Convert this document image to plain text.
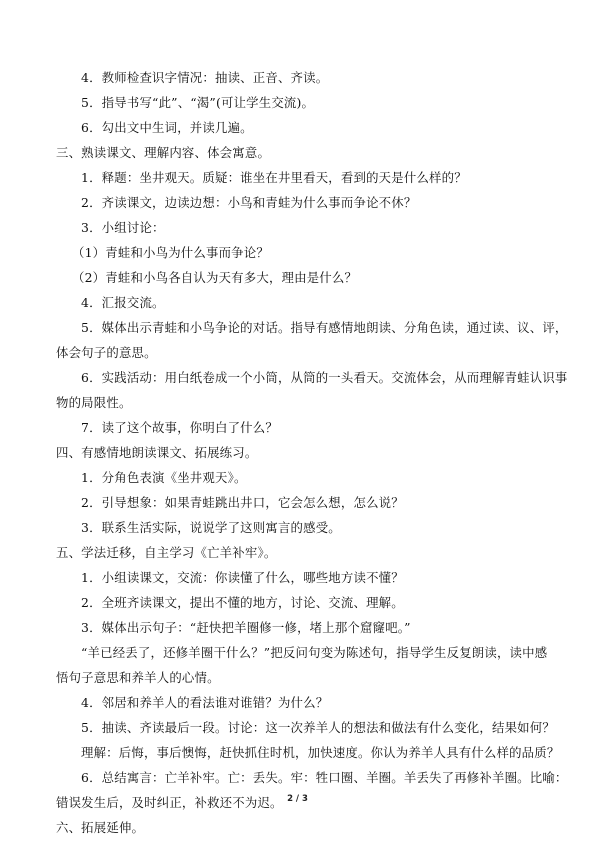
4．教师检查识字情况：抽读、正音、齐读。
5．指导书写“此”、“渴”(可让学生交流)。
6．勾出文中生词，并读几遍。
三、熟读课文、理解内容、体会寓意。
1．释题：坐井观天。质疑：谁坐在井里看天，看到的天是什么样的？
2．齐读课文，边读边想：小鸟和青蛙为什么事而争论不休？
3．小组讨论：
（1）青蛙和小鸟为什么事而争论？
（2）青蛙和小鸟各自认为天有多大，理由是什么？
4．汇报交流。
5．媒体出示青蛙和小鸟争论的对话。指导有感情地朗读、分角色读，通过读、议、评，
体会句子的意思。
6．实践活动：用白纸卷成一个小筒，从筒的一头看天。交流体会，从而理解青蛙认识事
物的局限性。
7．读了这个故事，你明白了什么？
四、有感情地朗读课文、拓展练习。
1．分角色表演《坐井观天》。
2．引导想象：如果青蛙跳出井口，它会怎么想，怎么说？
3．联系生活实际，说说学了这则寓言的感受。
五、学法迁移，自主学习《亡羊补牢》。
1．小组读课文，交流：你读懂了什么，哪些地方读不懂？
2．全班齐读课文，提出不懂的地方，讨论、交流、理解。
3．媒体出示句子：“赶快把羊圈修一修，堵上那个窟窿吧。”
“羊已经丢了，还修羊圈干什么？”把反问句变为陈述句，指导学生反复朗读，读中感
悟句子意思和养羊人的心情。
4．邻居和养羊人的看法谁对谁错？为什么？
5．抽读、齐读最后一段。讨论：这一次养羊人的想法和做法有什么变化，结果如何？
理解：后悔，事后懊悔，赶快抓住时机，加快速度。你认为养羊人具有什么样的品质？
6．总结寓言：亡羊补牢。亡：丢失。牢：牲口圈、羊圈。羊丢失了再修补羊圈。比喻：
错误发生后，及时纠正，补救还不为迟。
六、拓展延伸。
2 / 3
